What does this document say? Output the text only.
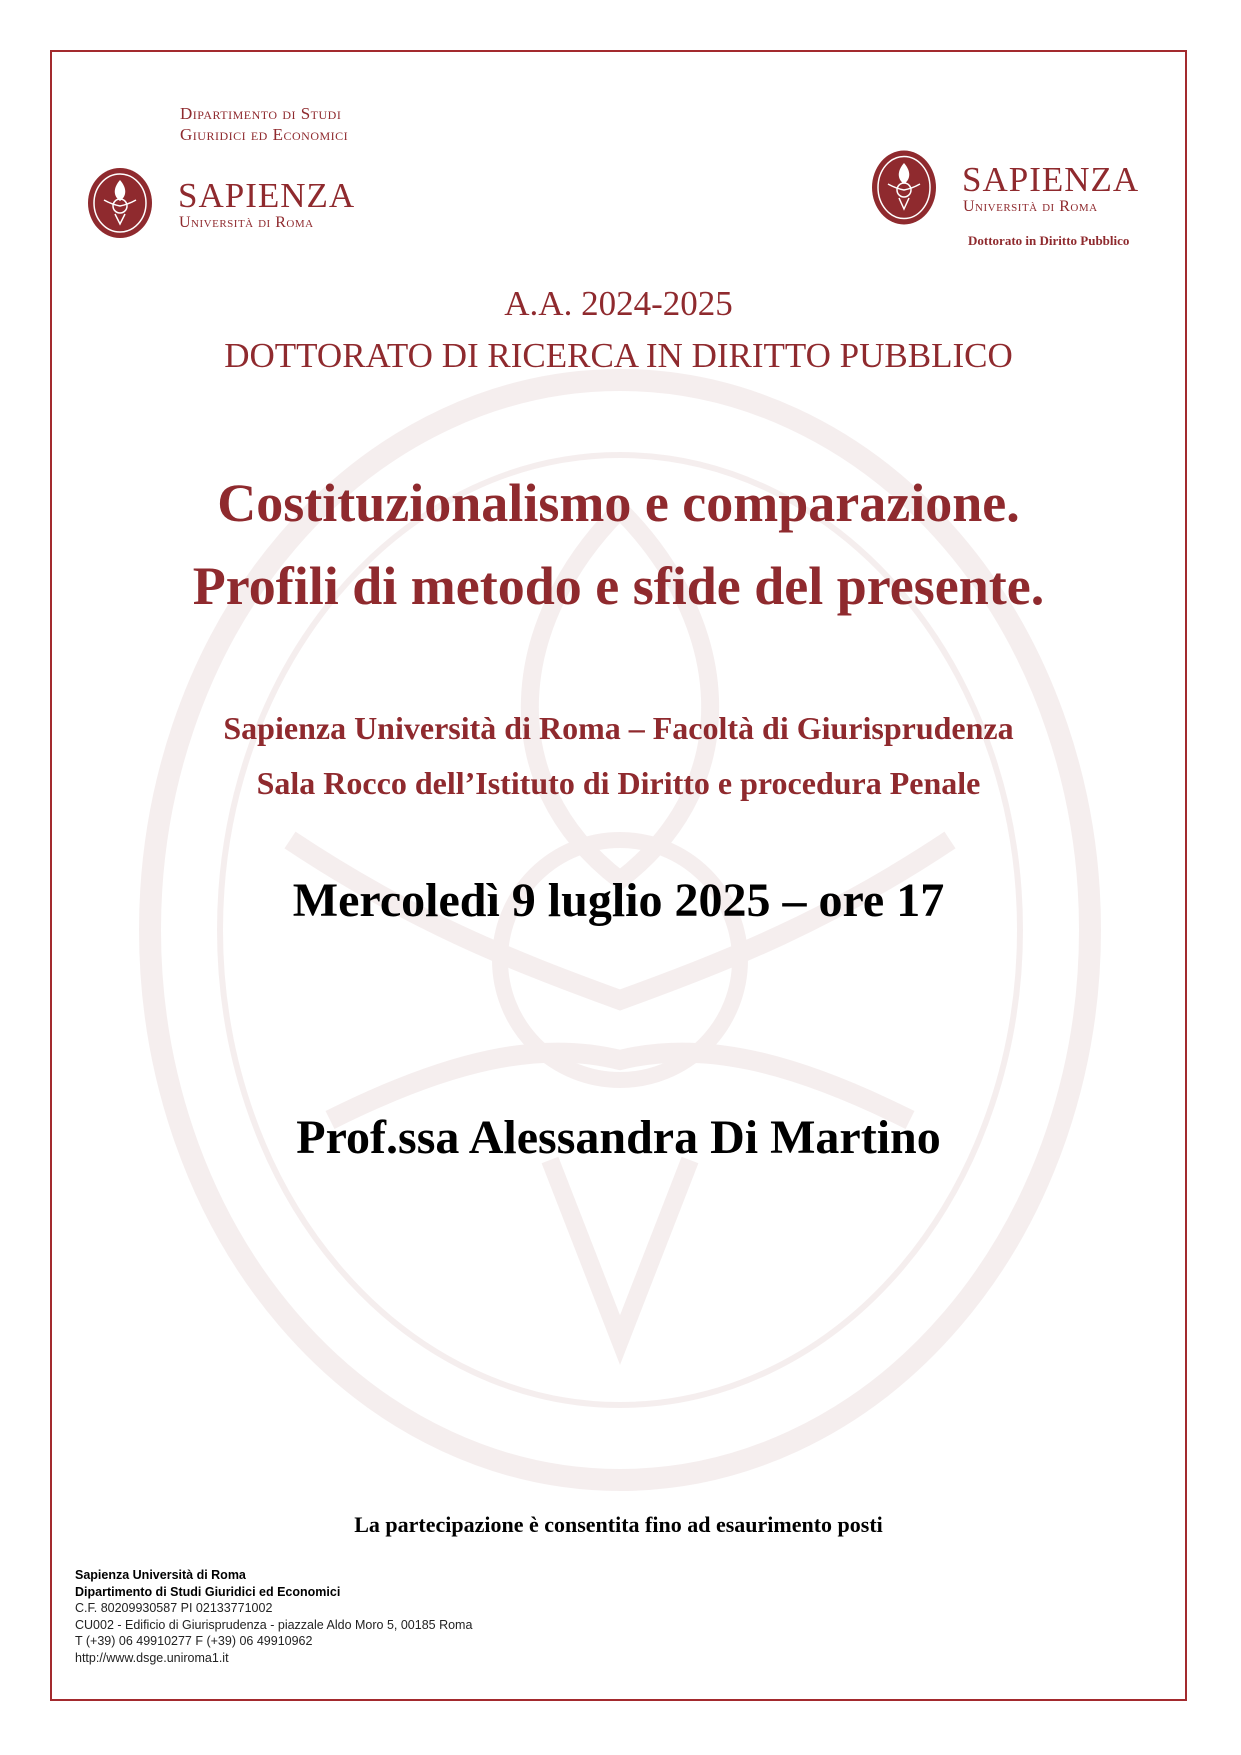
Dipartimento di Studi
Giuridici ed Economici
SAPIENZA
Università di Roma
SAPIENZA
Università di Roma
Dottorato in Diritto Pubblico
A.A. 2024-2025
DOTTORATO DI RICERCA IN DIRITTO PUBBLICO
Costituzionalismo e comparazione.
Profili di metodo e sfide del presente.
Sapienza Università di Roma – Facoltà di Giurisprudenza
Sala Rocco dell’Istituto di Diritto e procedura Penale
Mercoledì 9 luglio 2025 – ore 17
Prof.ssa Alessandra Di Martino
La partecipazione è consentita fino ad esaurimento posti
Sapienza Università di Roma
Dipartimento di Studi Giuridici ed Economici
C.F. 80209930587 PI 02133771002
CU002 - Edificio di Giurisprudenza - piazzale Aldo Moro 5, 00185 Roma
T (+39) 06 49910277 F (+39) 06 49910962
http://www.dsge.uniroma1.it
